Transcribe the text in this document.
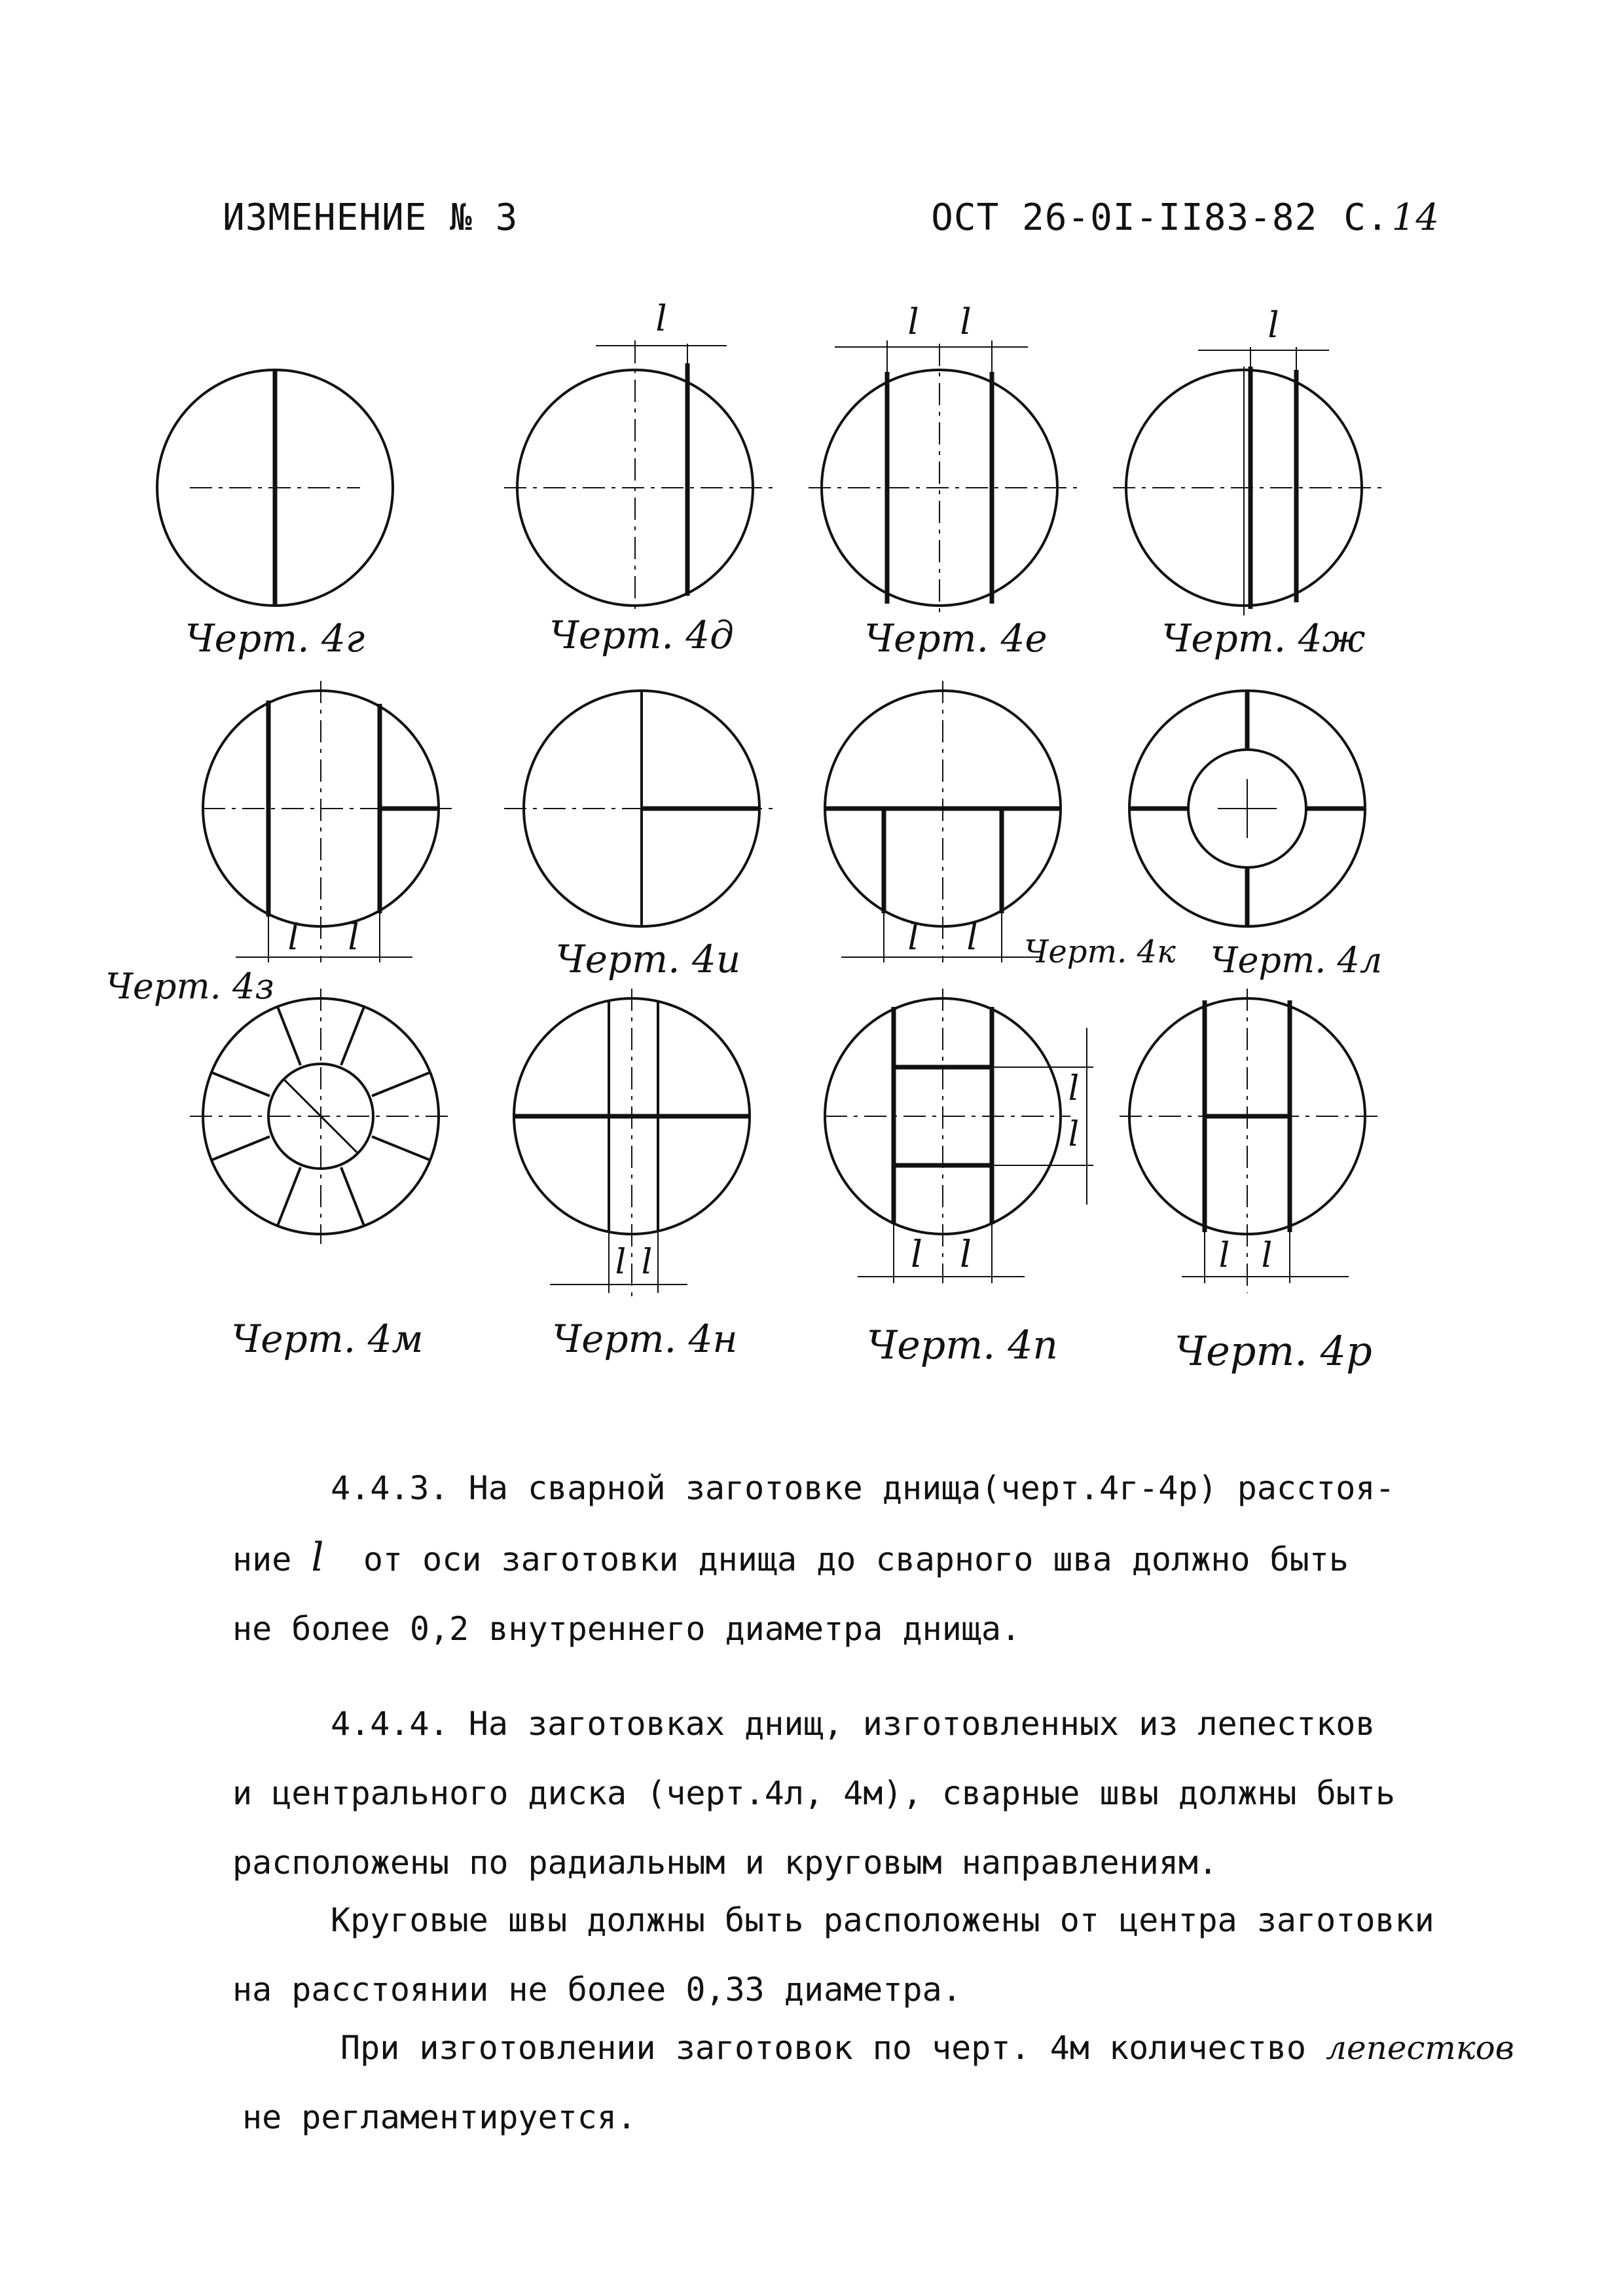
ИЗМЕНЕНИЕ № 3	ОСТ 26-0I-II83-82 С. 14
Черт. 4г
l
Черт. 4д
l l
Черт. 4е
l
Черт. 4ж
l l
Черт. 4з
Черт. 4и	l l Черт. 4к Черт. 4л
Черт. 4м
l l
Черт. 4н
l l
l
l
Черт. 4п
l l
Черт. 4р
4.4.3. На сварной заготовке днища(черт.4г-4р) расстоя-
ние l  от оси заготовки днища до сварного шва должно быть
не более 0,2 внутреннего диаметра днища.
4.4.4. На заготовках днищ, изготовленных из лепестков
и центрального диска (черт.4л, 4м), сварные швы должны быть
расположены по радиальным и круговым направлениям.
Круговые швы должны быть расположены от центра заготовки
на расстоянии не более 0,33 диаметра.
При изготовлении заготовок по черт. 4м количество лепестков
не регламентируется.
